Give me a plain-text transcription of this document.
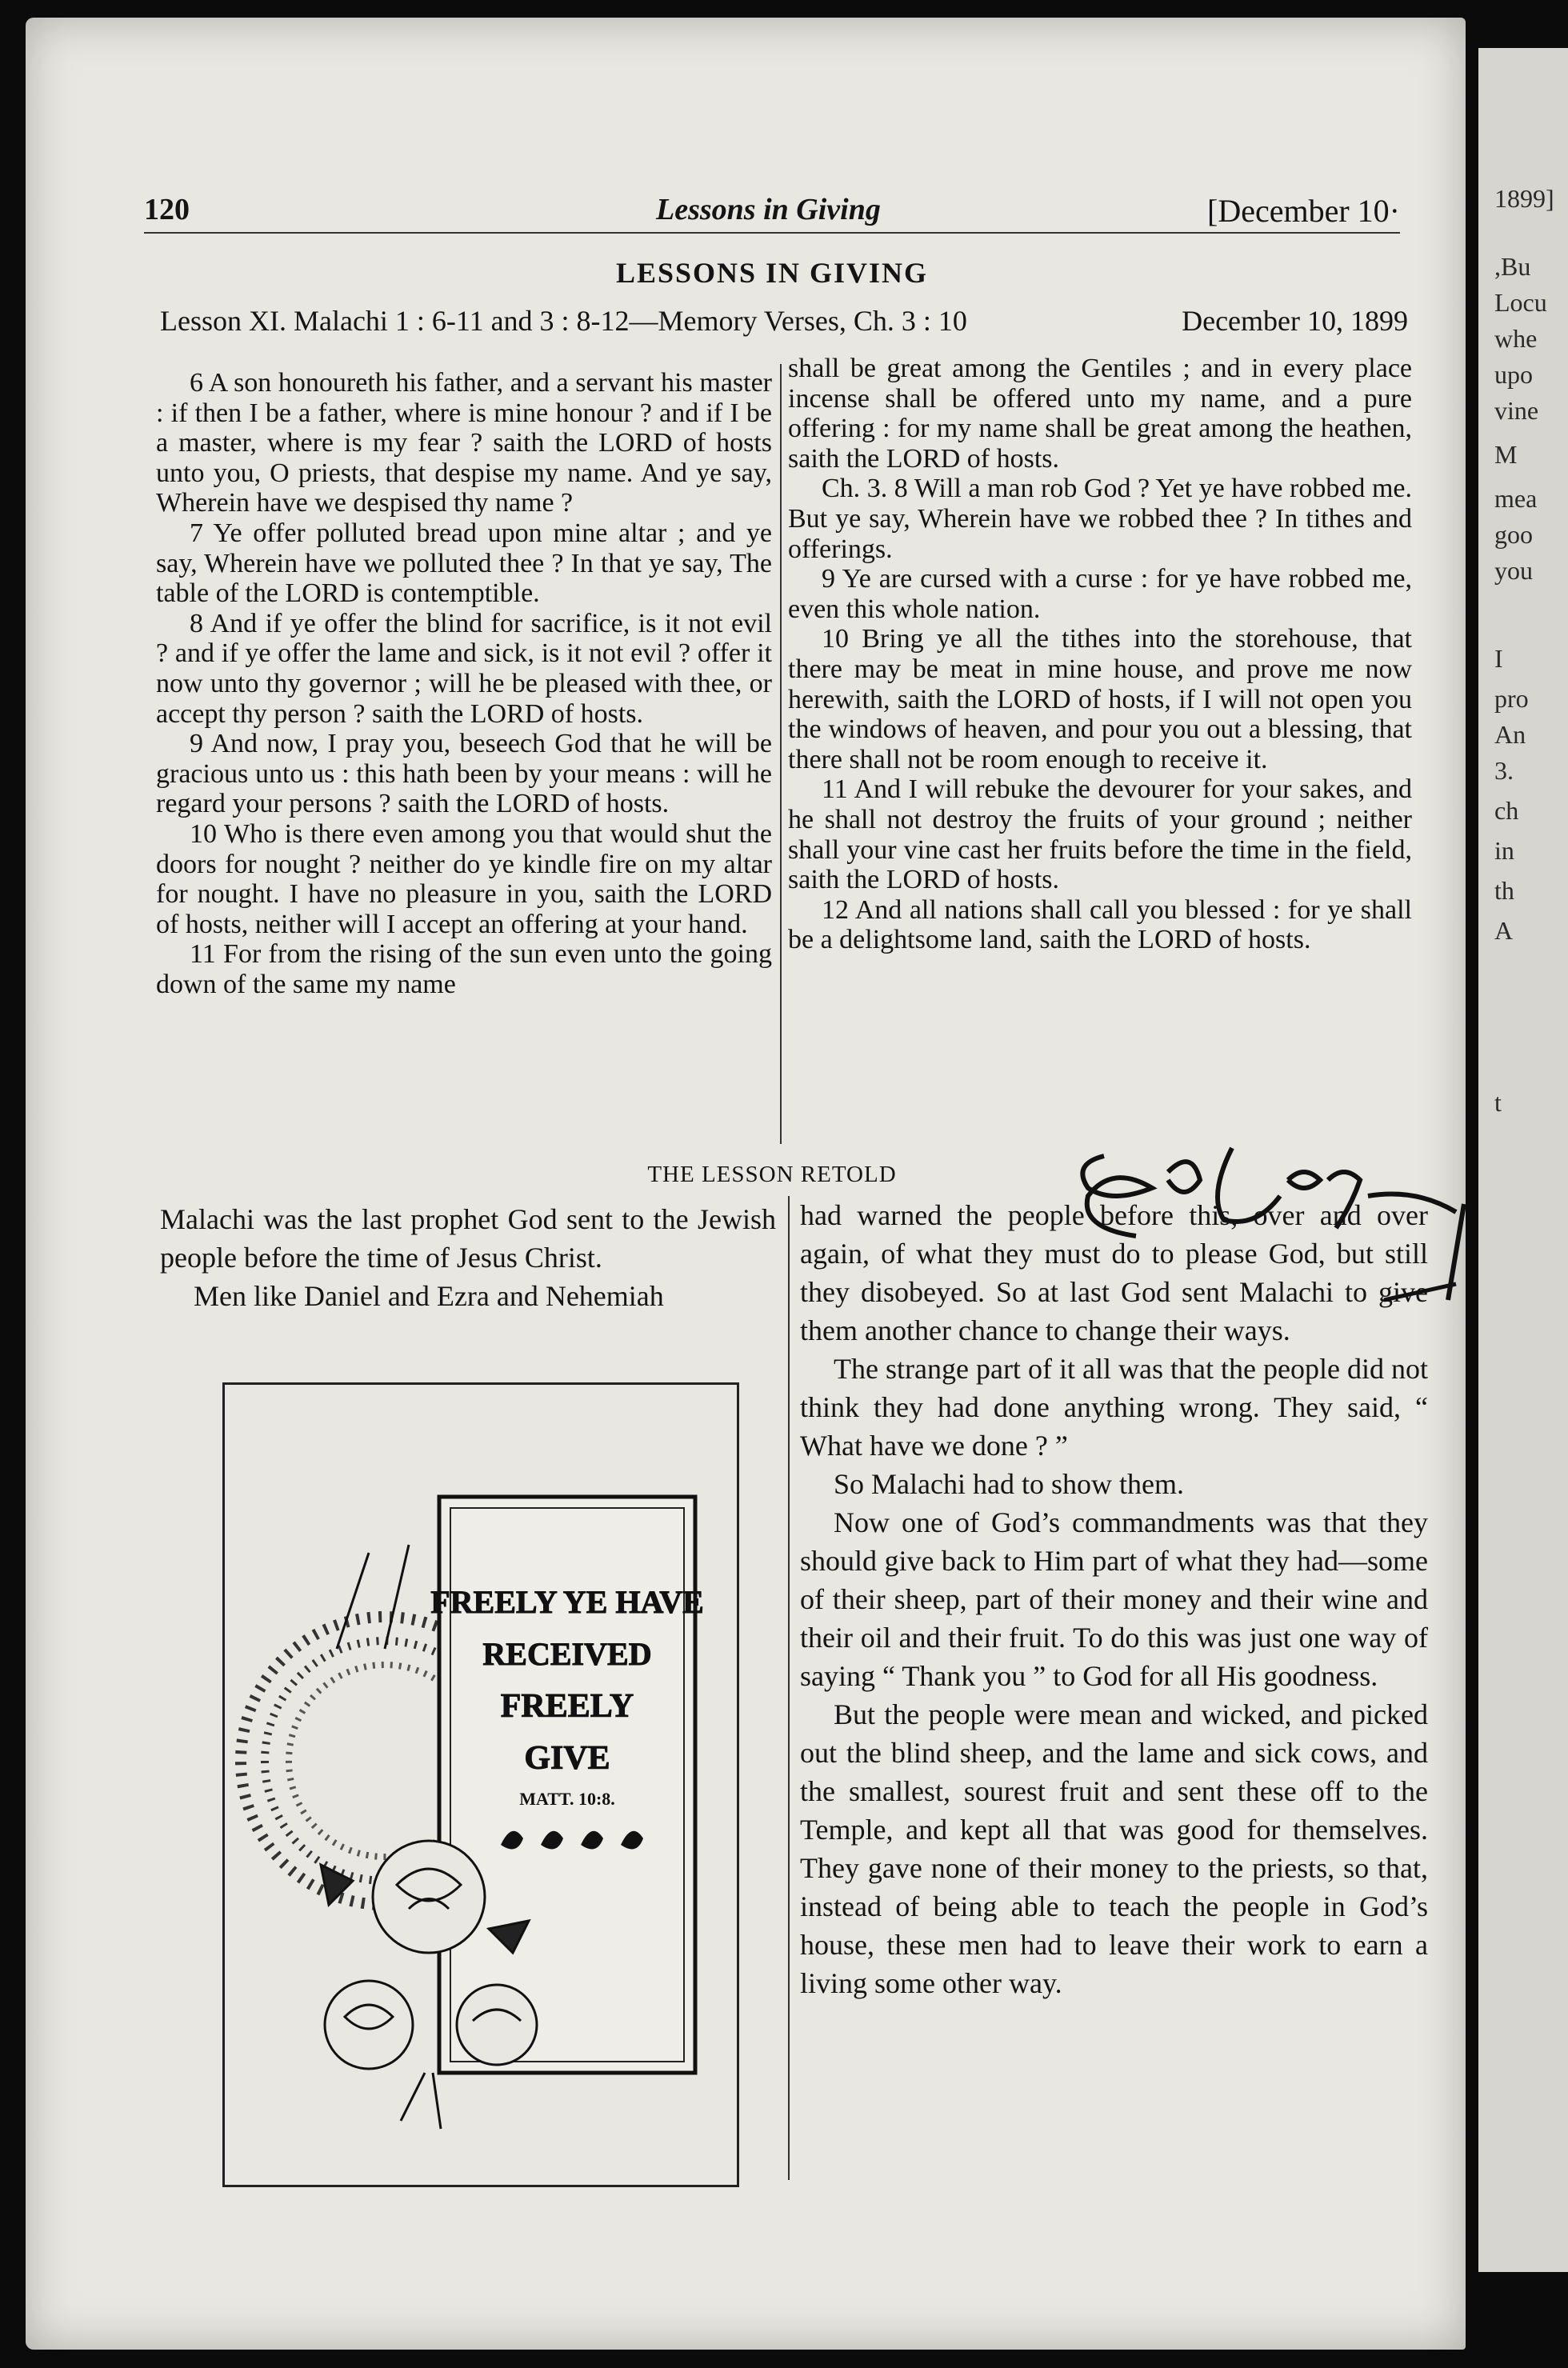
1899]
,Bu
Locu
whe
upo
vine
M
mea
goo
you
I
pro
An
3.
ch
in
th
A
t
120	Lessons in Giving	[December 10·
LESSONS IN GIVING
Lesson XI. Malachi 1 : 6-11 and 3 : 8-12—Memory Verses, Ch. 3 : 10	December 10, 1899

6 A son honoureth his father, and a servant his master : if then I be a father, where is mine honour ? and if I be a master, where is my fear ? saith the LORD of hosts unto you, O priests, that despise my name. And ye say, Wherein have we despised thy name ?

7 Ye offer polluted bread upon mine altar ; and ye say, Wherein have we polluted thee ? In that ye say, The table of the LORD is contemptible.

8 And if ye offer the blind for sacrifice, is it not evil ? and if ye offer the lame and sick, is it not evil ? offer it now unto thy governor ; will he be pleased with thee, or accept thy person ? saith the LORD of hosts.

9 And now, I pray you, beseech God that he will be gracious unto us : this hath been by your means : will he regard your persons ? saith the LORD of hosts.

10 Who is there even among you that would shut the doors for nought ? neither do ye kindle fire on my altar for nought. I have no pleasure in you, saith the LORD of hosts, neither will I accept an offering at your hand.

11 For from the rising of the sun even unto the going down of the same my name

shall be great among the Gentiles ; and in every place incense shall be offered unto my name, and a pure offering : for my name shall be great among the heathen, saith the LORD of hosts.

Ch. 3. 8 Will a man rob God ? Yet ye have robbed me. But ye say, Wherein have we robbed thee ? In tithes and offerings.

9 Ye are cursed with a curse : for ye have robbed me, even this whole nation.

10 Bring ye all the tithes into the storehouse, that there may be meat in mine house, and prove me now herewith, saith the LORD of hosts, if I will not open you the windows of heaven, and pour you out a blessing, that there shall not be room enough to receive it.

11 And I will rebuke the devourer for your sakes, and he shall not destroy the fruits of your ground ; neither shall your vine cast her fruits before the time in the field, saith the LORD of hosts.

12 And all nations shall call you blessed : for ye shall be a delightsome land, saith the LORD of hosts.

THE LESSON RETOLD

Malachi was the last prophet God sent to the Jewish people before the time of Jesus Christ.

Men like Daniel and Ezra and Nehemiah

had warned the people before this, over and over again, of what they must do to please God, but still they disobeyed. So at last God sent Malachi to give them another chance to change their ways.

The strange part of it all was that the people did not think they had done anything wrong. They said, “ What have we done ? ”

So Malachi had to show them.

Now one of God’s commandments was that they should give back to Him part of what they had—some of their sheep, part of their money and their wine and their oil and their fruit. To do this was just one way of saying “ Thank you ” to God for all His goodness.

But the people were mean and wicked, and picked out the blind sheep, and the lame and sick cows, and the smallest, sourest fruit and sent these off to the Temple, and kept all that was good for themselves. They gave none of their money to the priests, so that, instead of being able to teach the people in God’s house, these men had to leave their work to earn a living some other way.

FREELY YE HAVE
RECEIVED
FREELY
GIVE
MATT. 10:8.
